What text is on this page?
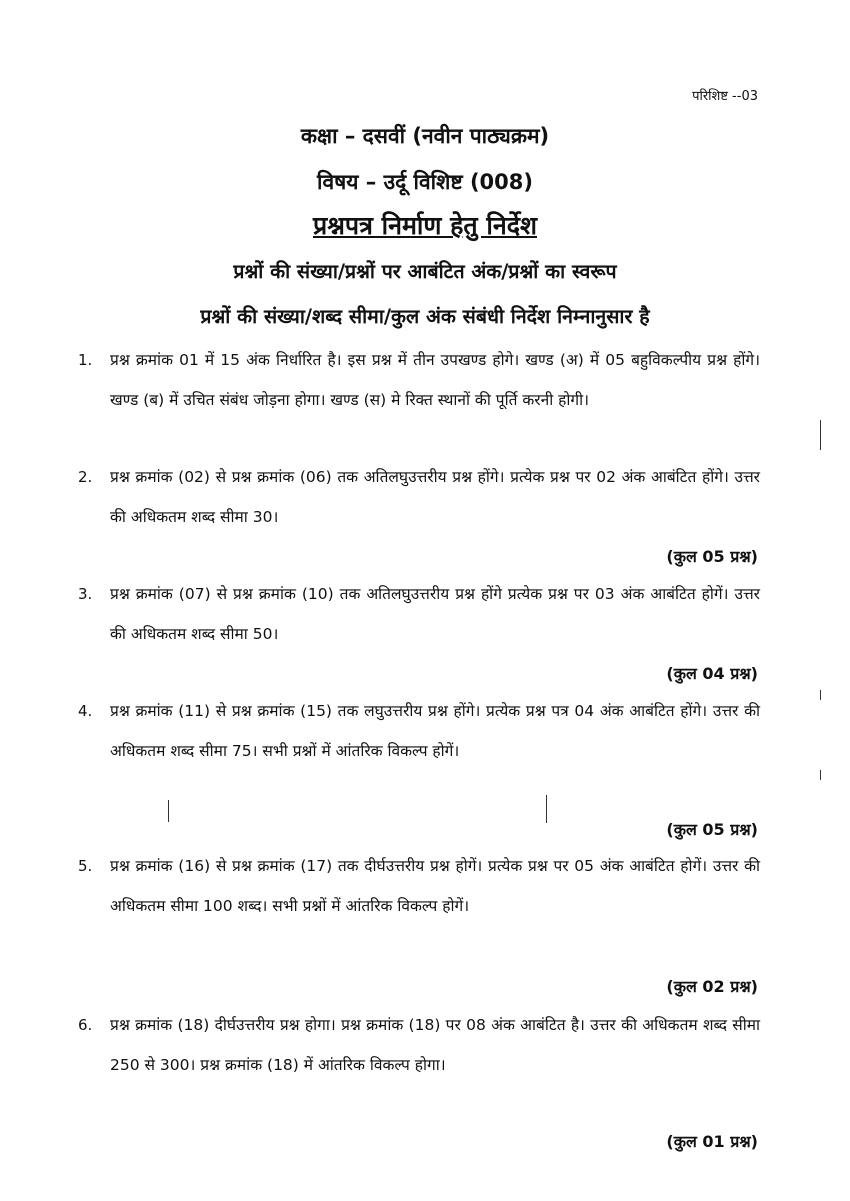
परिशिष्ट --03
कक्षा – दसवीं (नवीन पाठ्यक्रम)
विषय – उर्दू विशिष्ट (008)
प्रश्नपत्र निर्माण हेतु निर्देश
प्रश्नों की संख्या/प्रश्नों पर आबंटित अंक/प्रश्नों का स्वरूप
प्रश्नों की संख्या/शब्द सीमा/कुल अंक संबंधी निर्देश निम्नानुसार है
1.	प्रश्न क्रमांक 01 में 15 अंक निर्धारित है। इस प्रश्न में तीन उपखण्ड होगे। खण्ड (अ) में 05 बहुविकल्पीय प्रश्न होंगे। खण्ड (ब) में उचित संबंध जोड़ना होगा। खण्ड (स) मे रिक्त स्थानों की पूर्ति करनी होगी।
2.	प्रश्न क्रमांक (02) से प्रश्न क्रमांक (06) तक अतिलघुउत्तरीय प्रश्न होंगे। प्रत्येक प्रश्न पर 02 अंक आबंटित होंगे। उत्तर की अधिकतम शब्द सीमा 30।
(कुल 05 प्रश्न)
3.	प्रश्न क्रमांक (07) से प्रश्न क्रमांक (10) तक अतिलघुउत्तरीय प्रश्न होंगे प्रत्येक प्रश्न पर 03 अंक आबंटित होगें। उत्तर की अधिकतम शब्द सीमा 50।
(कुल 04 प्रश्न)
4.	प्रश्न क्रमांक (11) से प्रश्न क्रमांक (15) तक लघुउत्तरीय प्रश्न होंगे। प्रत्येक प्रश्न पत्र 04 अंक आबंटित होंगे। उत्तर की अधिकतम शब्द सीमा 75। सभी प्रश्नों में आंतरिक विकल्प होगें।
(कुल 05 प्रश्न)
5.	प्रश्न क्रमांक (16) से प्रश्न क्रमांक (17) तक दीर्घउत्तरीय प्रश्न होगें। प्रत्येक प्रश्न पर 05 अंक आबंटित होगें। उत्तर की अधिकतम सीमा 100 शब्द। सभी प्रश्नों में आंतरिक विकल्प होगें।
(कुल 02 प्रश्न)
6.	प्रश्न क्रमांक (18) दीर्घउत्तरीय प्रश्न होगा। प्रश्न क्रमांक (18) पर 08 अंक आबंटित है। उत्तर की अधिकतम शब्द सीमा 250 से 300। प्रश्न क्रमांक (18) में आंतरिक विकल्प होगा।
(कुल 01 प्रश्न)
